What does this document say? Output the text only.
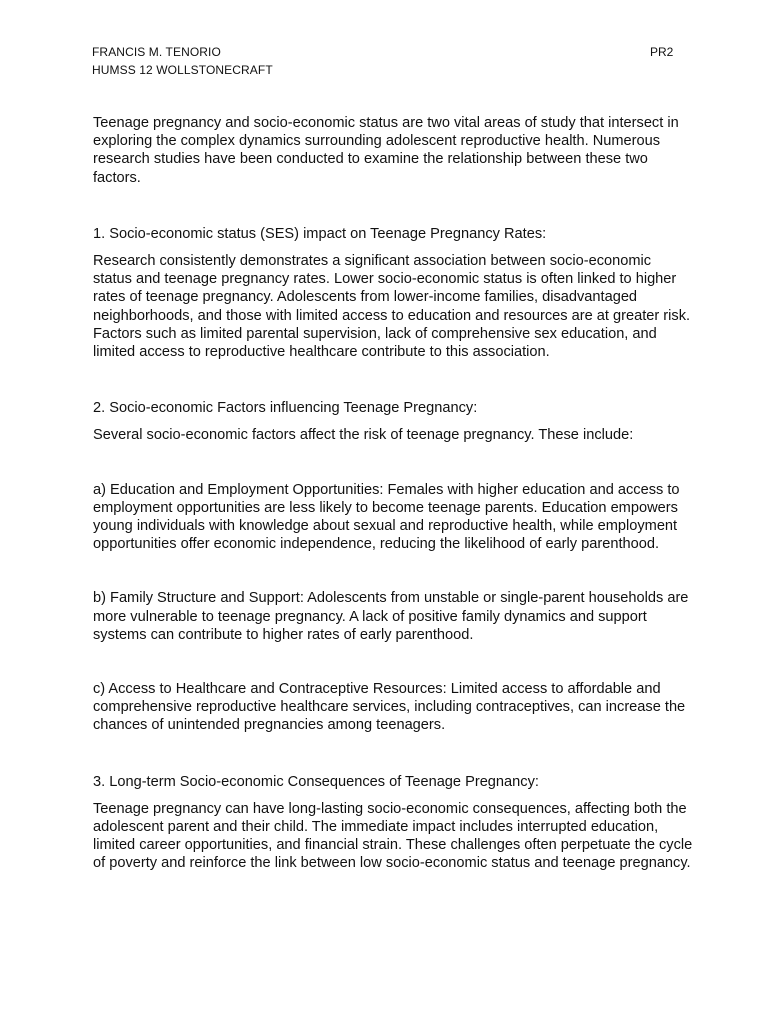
FRANCIS M. TENORIO
HUMSS 12 WOLLSTONECRAFT
PR2

Teenage pregnancy and socio-economic status are two vital areas of study that intersect in exploring the complex dynamics surrounding adolescent reproductive health. Numerous research studies have been conducted to examine the relationship between these two factors.

1. Socio-economic status (SES) impact on Teenage Pregnancy Rates:

Research consistently demonstrates a significant association between socio-economic status and teenage pregnancy rates. Lower socio-economic status is often linked to higher rates of teenage pregnancy. Adolescents from lower-income families, disadvantaged neighborhoods, and those with limited access to education and resources are at greater risk. Factors such as limited parental supervision, lack of comprehensive sex education, and limited access to reproductive healthcare contribute to this association.

2. Socio-economic Factors influencing Teenage Pregnancy:

Several socio-economic factors affect the risk of teenage pregnancy. These include:

a) Education and Employment Opportunities: Females with higher education and access to employment opportunities are less likely to become teenage parents. Education empowers young individuals with knowledge about sexual and reproductive health, while employment opportunities offer economic independence, reducing the likelihood of early parenthood.

b) Family Structure and Support: Adolescents from unstable or single-parent households are more vulnerable to teenage pregnancy. A lack of positive family dynamics and support systems can contribute to higher rates of early parenthood.

c) Access to Healthcare and Contraceptive Resources: Limited access to affordable and comprehensive reproductive healthcare services, including contraceptives, can increase the chances of unintended pregnancies among teenagers.

3. Long-term Socio-economic Consequences of Teenage Pregnancy:

Teenage pregnancy can have long-lasting socio-economic consequences, affecting both the adolescent parent and their child. The immediate impact includes interrupted education, limited career opportunities, and financial strain. These challenges often perpetuate the cycle of poverty and reinforce the link between low socio-economic status and teenage pregnancy.
